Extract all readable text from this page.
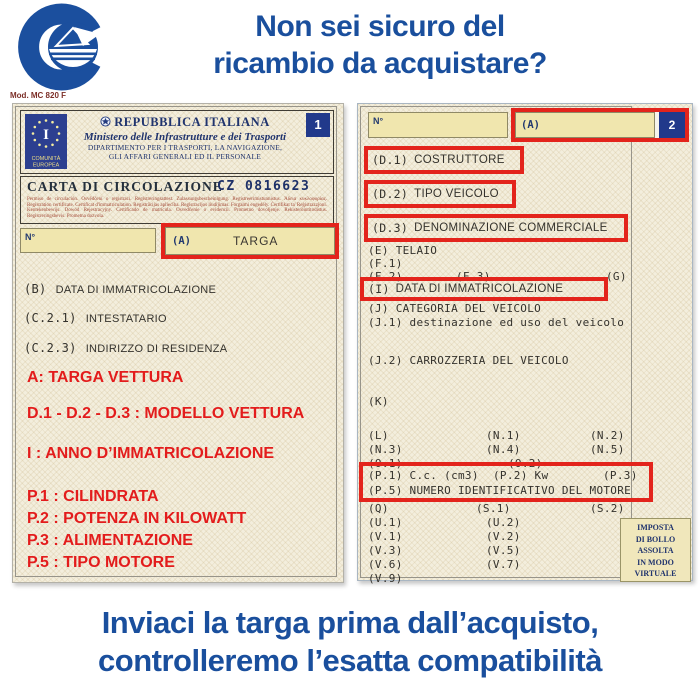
Non sei sicuro del
ricambio da acquistare?
Mod. MC 820 F
I
COMUNITÀ
EUROPEA
1
REPUBBLICA ITALIANA
Ministero delle Infrastrutture e dei Trasporti
DIPARTIMENTO PER I TRASPORTI, LA NAVIGAZIONE,
GLI AFFARI GENERALI ED IL PERSONALE
CARTA DI CIRCOLAZIONE
CZ 0816623
Permiso de circulación. Osvědčení o registraci. Registreringsattest. Zulassungsbescheinigung. Registreerimistunnistus. Άδεια κυκλοφορίας. Registration certificate. Certificat d'immatriculation. Registrācijas apliecība. Registracijos liudijimas. Forgalmi engedély. Ċertifikat ta' Reġistrazzjoni. Kentekenbewijs. Dowód Rejestracyjny. Certificado de matrícula. Osvedčenie o evidencii. Prometno dovoljenje. Rekisteröintitodistus. Registreringsbevis. Prometna dozvola.
N°	(A)	TARGA
(B) DATA DI IMMATRICOLAZIONE
(C.2.1) INTESTATARIO
(C.2.3) INDIRIZZO DI RESIDENZA
A: TARGA VETTURA
D.1 - D.2 - D.3 : MODELLO VETTURA
I : ANNO D’IMMATRICOLAZIONE
P.1 : CILINDRATA
P.2 : POTENZA IN KILOWATT
P.3 : ALIMENTAZIONE
P.5 : TIPO MOTORE
N°	(A)	2
(D.1) COSTRUTTORE
(D.2) TIPO VEICOLO
(D.3) DENOMINAZIONE COMMERCIALE
(E) TELAIO
(F.1)
(F.2)	(F.3)	(G)
(I) DATA DI IMMATRICOLAZIONE
(J) CATEGORIA DEL VEICOLO
(J.1) destinazione ed uso del veicolo
(J.2) CARROZZERIA DEL VEICOLO
(K)
(L)	(N.1)	(N.2)
(N.3)	(N.4)	(N.5)
(O.1)	(O.2)
(P.1) C.c. (cm3) (P.2) Kw	(P.3)
(P.5) NUMERO IDENTIFICATIVO DEL MOTORE
(Q)	(S.1)	(S.2)
(U.1)	(U.2)
(V.1)	(V.2)
(V.3)	(V.5)
(V.6)	(V.7)
(V.9)
IMPOSTA
DI BOLLO
ASSOLTA
IN MODO
VIRTUALE
Inviaci la targa prima dall’acquisto,
controlleremo l’esatta compatibilità
